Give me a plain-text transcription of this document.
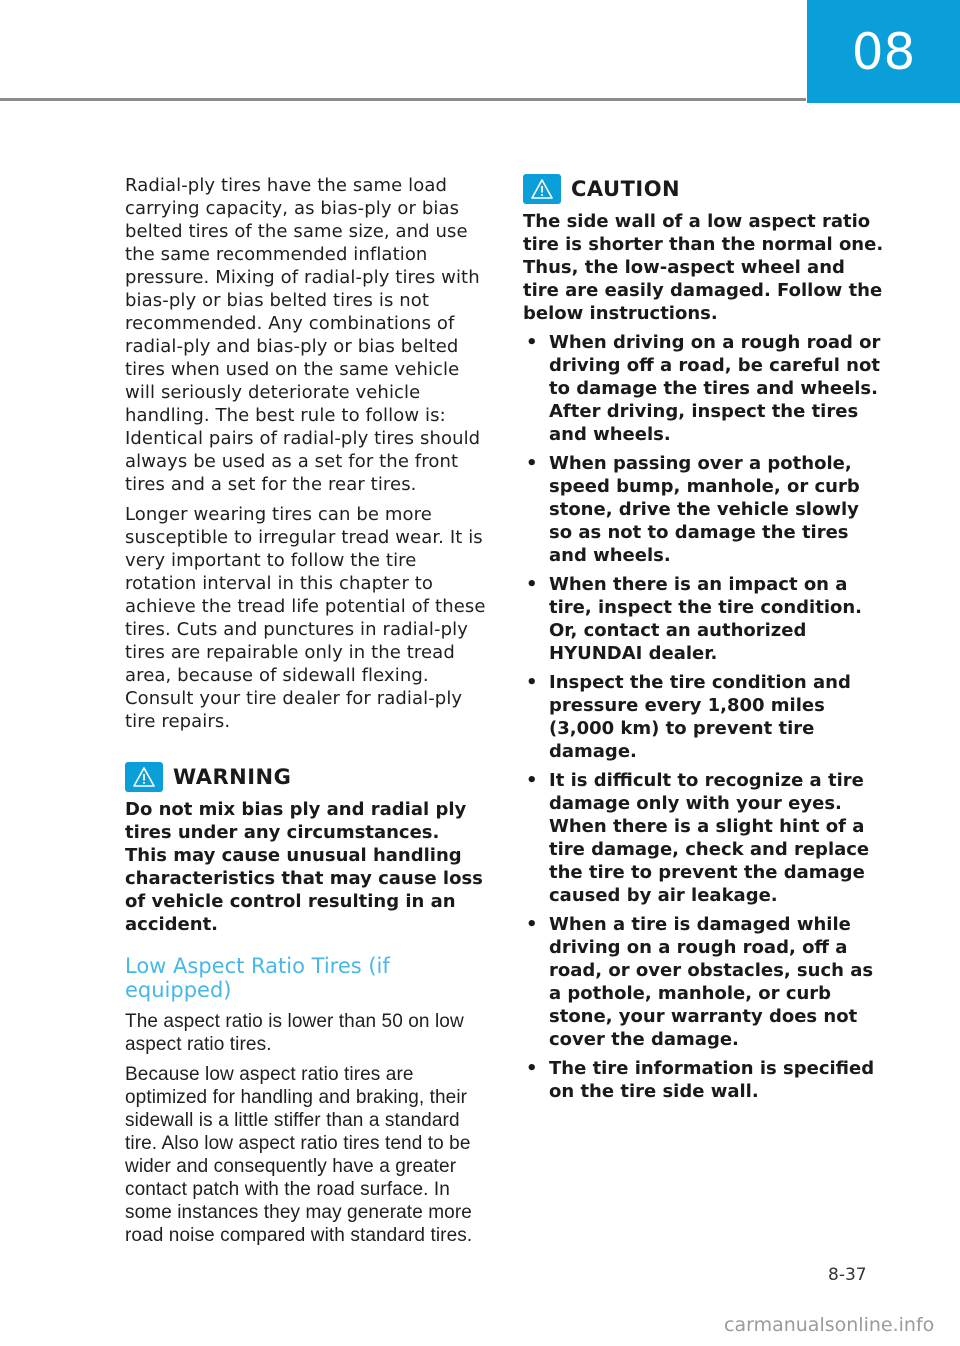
08

Radial-ply tires have the same load carrying capacity, as bias-ply or bias belted tires of the same size, and use the same recommended inflation pressure. Mixing of radial-ply tires with bias-ply or bias belted tires is not recommended. Any combinations of radial-ply and bias-ply or bias belted tires when used on the same vehicle will seriously deteriorate vehicle handling. The best rule to follow is: Identical pairs of radial-ply tires should always be used as a set for the front tires and a set for the rear tires.

Longer wearing tires can be more susceptible to irregular tread wear. It is very important to follow the tire rotation interval in this chapter to achieve the tread life potential of these tires. Cuts and punctures in radial-ply tires are repairable only in the tread area, because of sidewall flexing. Consult your tire dealer for radial-ply tire repairs.

WARNING

Do not mix bias ply and radial ply tires under any circumstances. This may cause unusual handling characteristics that may cause loss of vehicle control resulting in an accident.

Low Aspect Ratio Tires (if equipped)

The aspect ratio is lower than 50 on low aspect ratio tires.

Because low aspect ratio tires are optimized for handling and braking, their sidewall is a little stiffer than a standard tire. Also low aspect ratio tires tend to be wider and consequently have a greater contact patch with the road surface. In some instances they may generate more road noise compared with standard tires.

CAUTION

The side wall of a low aspect ratio tire is shorter than the normal one. Thus, the low-aspect wheel and tire are easily damaged. Follow the below instructions.

• When driving on a rough road or driving off a road, be careful not to damage the tires and wheels. After driving, inspect the tires and wheels.
• When passing over a pothole, speed bump, manhole, or curb stone, drive the vehicle slowly so as not to damage the tires and wheels.
• When there is an impact on a tire, inspect the tire condition. Or, contact an authorized HYUNDAI dealer.
• Inspect the tire condition and pressure every 1,800 miles (3,000 km) to prevent tire damage.
• It is difficult to recognize a tire damage only with your eyes. When there is a slight hint of a tire damage, check and replace the tire to prevent the damage caused by air leakage.
• When a tire is damaged while driving on a rough road, off a road, or over obstacles, such as a pothole, manhole, or curb stone, your warranty does not cover the damage.
• The tire information is specified on the tire side wall.
8-37
carmanualsonline.info
